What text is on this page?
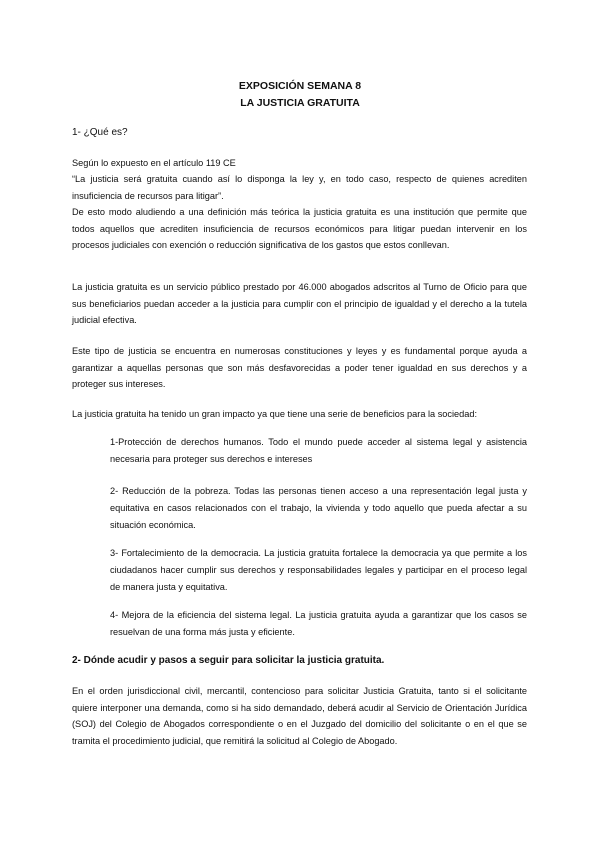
EXPOSICIÓN SEMANA 8
LA JUSTICIA GRATUITA
1- ¿Qué es?

Según lo expuesto en el artículo 119 CE

“La justicia será gratuita cuando así lo disponga la ley y, en todo caso, respecto de quienes acrediten insuficiencia de recursos para litigar”.

De esto modo aludiendo a una definición más teórica la justicia gratuita es una institución que permite que todos aquellos que acrediten insuficiencia de recursos económicos para litigar puedan intervenir en los procesos judiciales con exención o reducción significativa de los gastos que estos conllevan.

La justicia gratuita es un servicio público prestado por 46.000 abogados adscritos al Turno de Oficio para que sus beneficiarios puedan acceder a la justicia para cumplir con el principio de igualdad y el derecho a la tutela judicial efectiva.

Este tipo de justicia se encuentra en numerosas constituciones y leyes y es fundamental porque ayuda a garantizar a aquellas personas que son más desfavorecidas a poder tener igualdad en sus derechos y a proteger sus intereses.

La justicia gratuita ha tenido un gran impacto ya que tiene una serie de beneficios para la sociedad:

1-Protección de derechos humanos. Todo el mundo puede acceder al sistema legal y asistencia necesaria para proteger sus derechos e intereses

2- Reducción de la pobreza. Todas las personas tienen acceso a una representación legal justa y equitativa en casos relacionados con el trabajo, la vivienda y todo aquello que pueda afectar a su situación económica.

3- Fortalecimiento de la democracia. La justicia gratuita fortalece la democracia ya que permite a los ciudadanos hacer cumplir sus derechos y responsabilidades legales y participar en el proceso legal de manera justa y equitativa.

4- Mejora de la eficiencia del sistema legal. La justicia gratuita ayuda a garantizar que los casos se resuelvan de una forma más justa y eficiente.

2- Dónde acudir y pasos a seguir para solicitar la justicia gratuita.

En el orden jurisdiccional civil, mercantil, contencioso para solicitar Justicia Gratuita, tanto si el solicitante quiere interponer una demanda, como si ha sido demandado, deberá acudir al Servicio de Orientación Jurídica (SOJ) del Colegio de Abogados correspondiente o en el Juzgado del domicilio del solicitante o en el que se tramita el procedimiento judicial, que remitirá la solicitud al Colegio de Abogado.
